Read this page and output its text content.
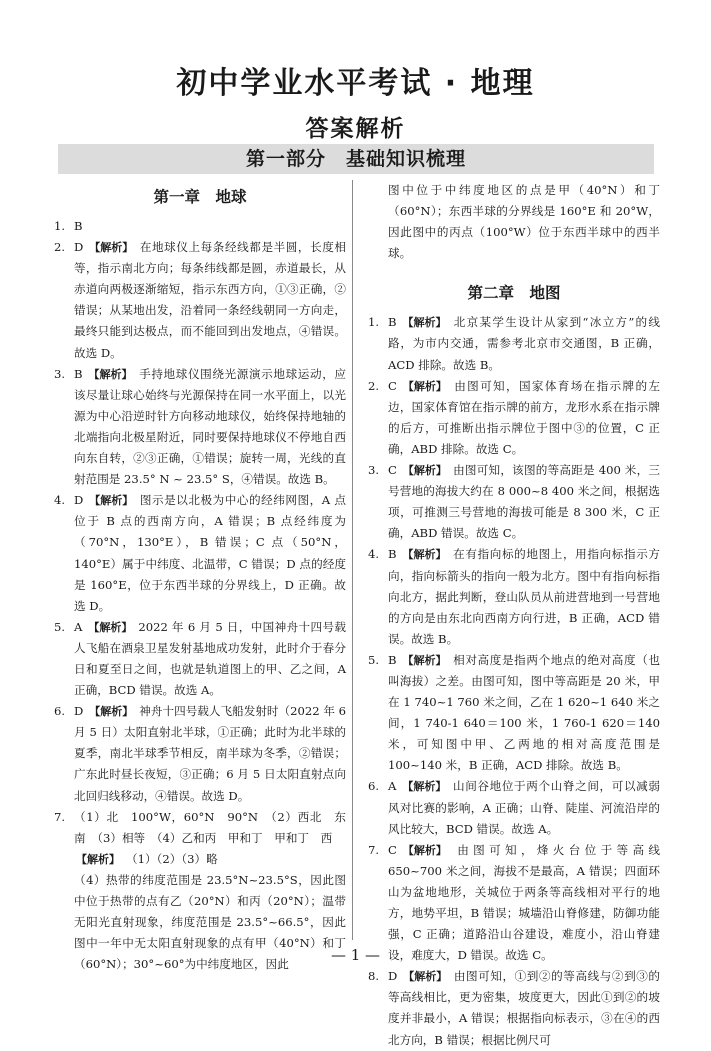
初中学业水平考试 · 地理
答案解析
第一部分　基础知识梳理
第一章　地球
1. B
2. D 【解析】 在地球仪上每条经线都是半圆，长度相等，指示南北方向；每条纬线都是圆，赤道最长，从赤道向两极逐渐缩短，指示东西方向，①③正确，②错误；从某地出发，沿着同一条经线朝同一方向走，最终只能到达极点，而不能回到出发地点，④错误。故选 D。
3. B 【解析】 手持地球仪围绕光源演示地球运动，应该尽量让球心始终与光源保持在同一水平面上，以光源为中心沿逆时针方向移动地球仪，始终保持地轴的北端指向北极星附近，同时要保持地球仪不停地自西向东自转，②③正确，①错误；旋转一周，光线的直射范围是 23.5° N ~ 23.5° S，④错误。故选 B。
4. D 【解析】 图示是以北极为中心的经纬网图，A 点位于 B 点的西南方向，A 错误；B 点经纬度为（70°N，130°E），B 错误；C 点（50°N，140°E）属于中纬度、北温带，C 错误；D 点的经度是 160°E，位于东西半球的分界线上，D 正确。故选 D。
5. A 【解析】 2022 年 6 月 5 日，中国神舟十四号载人飞船在酒泉卫星发射基地成功发射，此时介于春分日和夏至日之间，也就是轨道图上的甲、乙之间，A 正确，BCD 错误。故选 A。
6. D 【解析】 神舟十四号载人飞船发射时（2022 年 6 月 5 日）太阳直射北半球，①正确；此时为北半球的夏季，南北半球季节相反，南半球为冬季，②错误；广东此时昼长夜短，③正确；6 月 5 日太阳直射点向北回归线移动，④错误。故选 D。
7. （1）北　100°W，60°N　90°N　（2）西北　东南　（3）相等　（4）乙和丙　甲和丁　甲和丁　西
【解析】 （1）（2）（3）略
（4）热带的纬度范围是 23.5°N~23.5°S，因此图中位于热带的点有乙（20°N）和丙（20°N）；温带无阳光直射现象，纬度范围是 23.5°~66.5°，因此图中一年中无太阳直射现象的点有甲（40°N）和丁（60°N）；30°~60°为中纬度地区，因此
图中位于中纬度地区的点是甲（40°N）和丁（60°N）；东西半球的分界线是 160°E 和 20°W，因此图中的丙点（100°W）位于东西半球中的西半球。
第二章　地图
1. B 【解析】 北京某学生设计从家到“冰立方”的线路，为市内交通，需参考北京市交通图，B 正确，ACD 排除。故选 B。
2. C 【解析】 由图可知，国家体育场在指示牌的左边，国家体育馆在指示牌的前方，龙形水系在指示牌的后方，可推断出指示牌位于图中③的位置，C 正确，ABD 排除。故选 C。
3. C 【解析】 由图可知，该图的等高距是 400 米，三号营地的海拔大约在 8 000~8 400 米之间，根据选项，可推测三号营地的海拔可能是 8 300 米，C 正确，ABD 错误。故选 C。
4. B 【解析】 在有指向标的地图上，用指向标指示方向，指向标箭头的指向一般为北方。图中有指向标指向北方，据此判断，登山队员从前进营地到一号营地的方向是由东北向西南方向行进，B 正确，ACD 错误。故选 B。
5. B 【解析】 相对高度是指两个地点的绝对高度（也叫海拔）之差。由图可知，图中等高距是 20 米，甲在 1 740~1 760 米之间，乙在 1 620~1 640 米之间，1 740-1 640＝100 米，1 760-1 620＝140 米，可知图中甲、乙两地的相对高度范围是 100~140 米，B 正确，ACD 排除。故选 B。
6. A 【解析】 山间谷地位于两个山脊之间，可以减弱风对比赛的影响，A 正确；山脊、陡崖、河流沿岸的风比较大，BCD 错误。故选 A。
7. C 【解析】 由图可知，烽火台位于等高线 650~700 米之间，海拔不是最高，A 错误；四面环山为盆地地形，关城位于两条等高线相对平行的地方，地势平坦，B 错误；城墙沿山脊修建，防御功能强，C 正确；道路沿山谷建设，难度小，沿山脊建设，难度大，D 错误。故选 C。
8. D 【解析】 由图可知，①到②的等高线与②到③的等高线相比，更为密集，坡度更大，因此①到②的坡度并非最小，A 错误；根据指向标表示，③在④的西北方向，B 错误；根据比例尺可
— 1 —
